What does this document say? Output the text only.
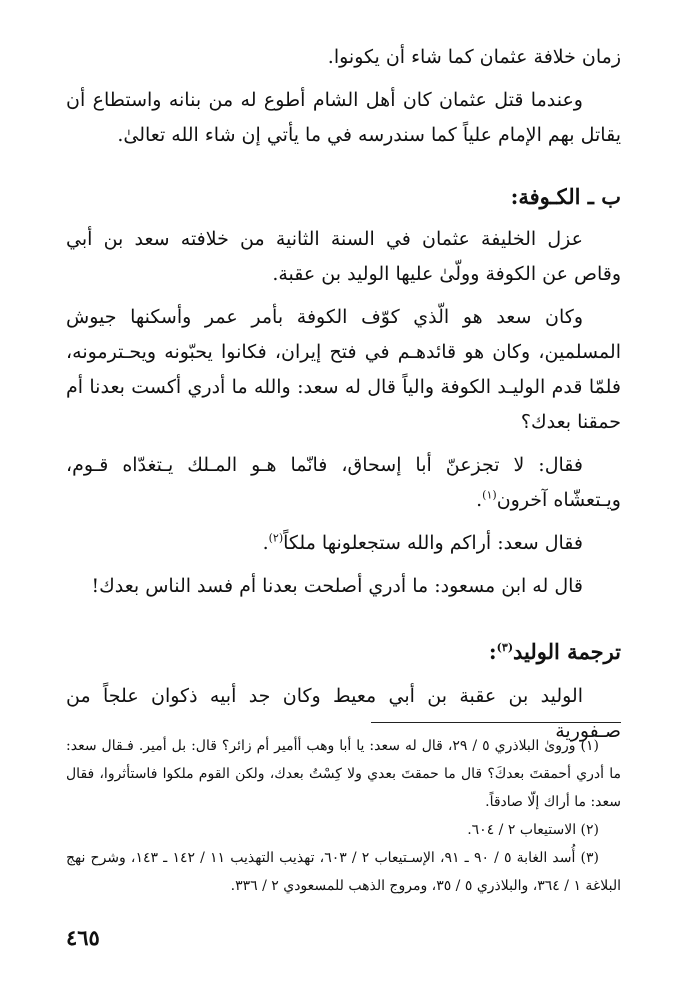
زمان خلافة عثمان كما شاء أن يكونوا.

وعندما قتل عثمان كان أهل الشام أطوع له من بنانه واستطاع أن يقاتل بهم الإمام علياً كما سندرسه في ما يأتي إن شاء الله تعالىٰ.

ب ـ الكـوفة:

عزل الخليفة عثمان في السنة الثانية من خلافته سعد بن أبي وقاص عن الكوفة وولّىٰ عليها الوليد بن عقبة.

وكان سعد هو الّذي كوّف الكوفة بأمر عمر وأسكنها جيوش المسلمين، وكان هو قائدهـم في فتح إيران، فكانوا يحبّونه ويحـترمونه، فلمّا قدم الوليـد الكوفة والياً قال له سعد: والله ما أدري أكست بعدنا أم حمقنا بعدك؟

فقال: لا تجزعنّ أبا إسحاق، فانّما هـو المـلك يـتغدّاه قـوم، ويـتعشّاه آخرون$^{(١)}$.

فقال سعد: أراكم والله ستجعلونها ملكاً$^{(٢)}$.

قال له ابن مسعود: ما أدري أصلحت بعدنا أم فسد الناس بعدك!

ترجمة الوليد$^{(٣)}$:

الوليد بن عقبة بن أبي معيط وكان جد أبيه ذكوان علجاً من صـفورية

(١) ورویٰ البلاذري ٥ / ٢٩، قال له سعد: يا أبا وهب أأمير أم زائر؟ قال: بل أمير. فـقال سعد: ما أدري أحمقتَ بعدكَ؟ قال ما حمقتَ بعدي ولا كِسْتُ بعدك، ولكن القوم ملكوا فاستأثروا، فقال سعد: ما أراك إلّا صادقاً.

(٢) الاستيعاب ٢ / ٦٠٤.

(٣) أُسد الغابة ٥ / ٩٠ ـ ٩١، الإسـتيعاب ٢ / ٦٠٣، تهذيب التهذيب ١١ / ١٤٢ ـ ١٤٣، وشرح نهج البلاغة ١ / ٣٦٤، والبلاذري ٥ / ٣٥، ومروج الذهب للمسعودي ٢ / ٣٣٦.

٤٦٥
